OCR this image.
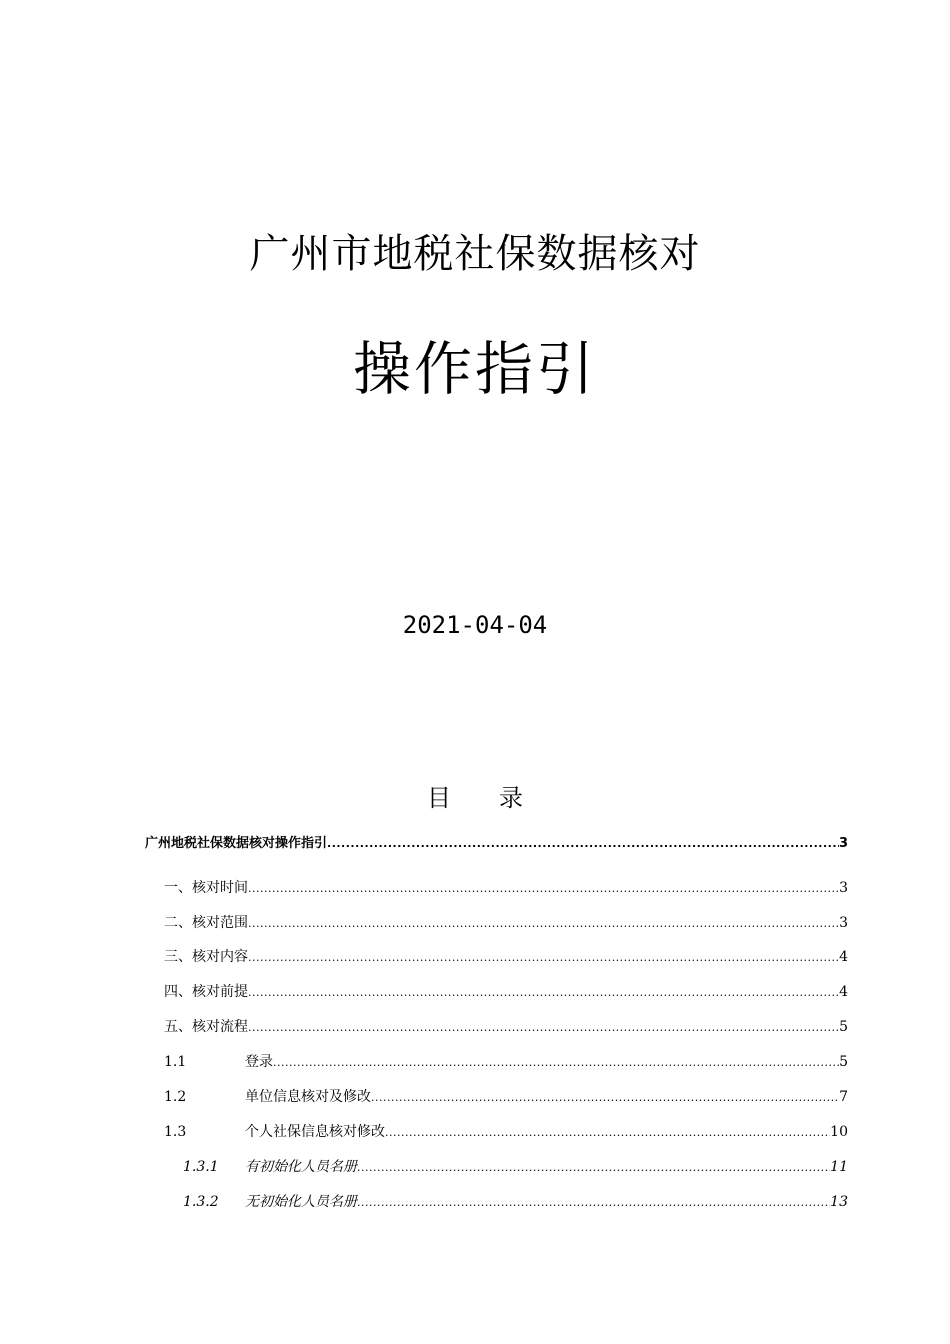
广州市地税社保数据核对
操作指引
2021-04-04
目 录
广州地税社保数据核对操作指引 .....	3
一、核对时间 .....	3
二、核对范围 .....	3
三、核对内容 .....	4
四、核对前提 .....	4
五、核对流程 .....	5
1.1	登录 .....	5
1.2	单位信息核对及修改 .....	7
1.3	个人社保信息核对修改 .....	10
1.3.1 有初始化人员名册 .....	11
1.3.2 无初始化人员名册 .....	13
